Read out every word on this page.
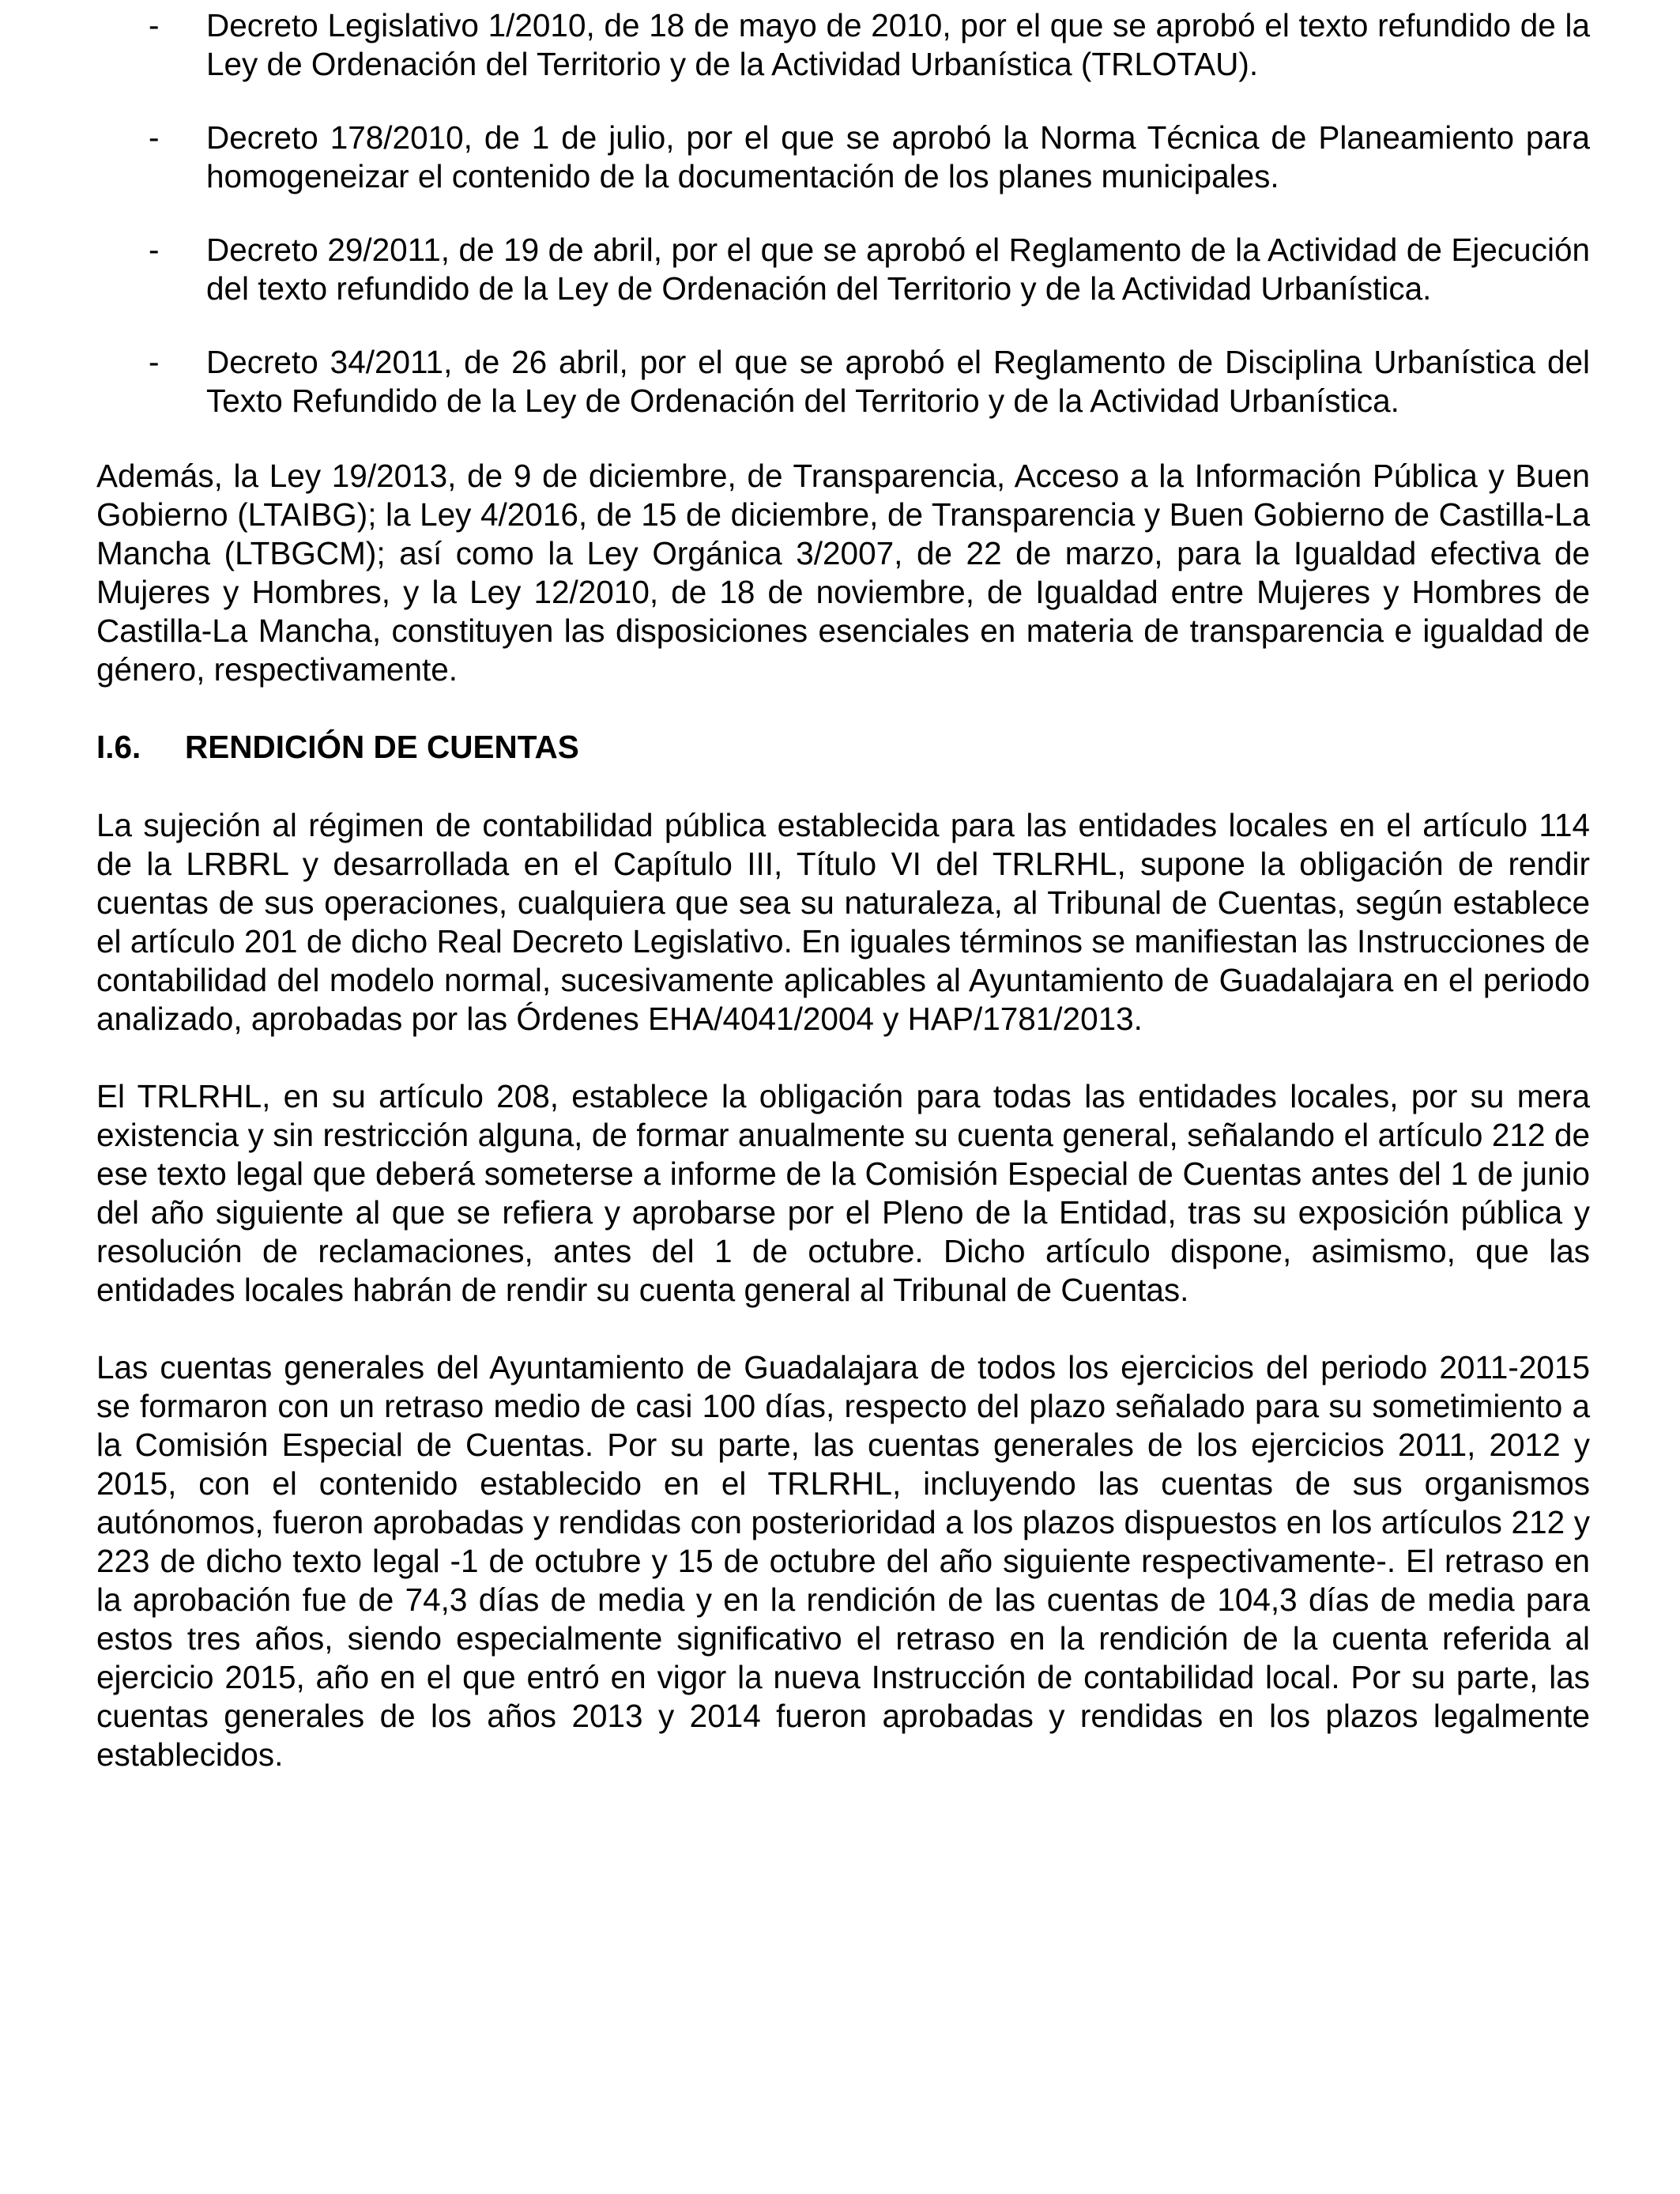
- Decreto Legislativo 1/2010, de 18 de mayo de 2010, por el que se aprobó el texto refundido de la Ley de Ordenación del Territorio y de la Actividad Urbanística (TRLOTAU).
- Decreto 178/2010, de 1 de julio, por el que se aprobó la Norma Técnica de Planeamiento para homogeneizar el contenido de la documentación de los planes municipales.
- Decreto 29/2011, de 19 de abril, por el que se aprobó el Reglamento de la Actividad de Ejecución del texto refundido de la Ley de Ordenación del Territorio y de la Actividad Urbanística.
- Decreto 34/2011, de 26 abril, por el que se aprobó el Reglamento de Disciplina Urbanística del Texto Refundido de la Ley de Ordenación del Territorio y de la Actividad Urbanística.

Además, la Ley 19/2013, de 9 de diciembre, de Transparencia, Acceso a la Información Pública y Buen Gobierno (LTAIBG); la Ley 4/2016, de 15 de diciembre, de Transparencia y Buen Gobierno de Castilla-La Mancha (LTBGCM); así como la Ley Orgánica 3/2007, de 22 de marzo, para la Igualdad efectiva de Mujeres y Hombres, y la Ley 12/2010, de 18 de noviembre, de Igualdad entre Mujeres y Hombres de Castilla-La Mancha, constituyen las disposiciones esenciales en materia de transparencia e igualdad de género, respectivamente.

I.6.	RENDICIÓN DE CUENTAS

La sujeción al régimen de contabilidad pública establecida para las entidades locales en el artículo 114 de la LRBRL y desarrollada en el Capítulo III, Título VI del TRLRHL, supone la obligación de rendir cuentas de sus operaciones, cualquiera que sea su naturaleza, al Tribunal de Cuentas, según establece el artículo 201 de dicho Real Decreto Legislativo. En iguales términos se manifiestan las Instrucciones de contabilidad del modelo normal, sucesivamente aplicables al Ayuntamiento de Guadalajara en el periodo analizado, aprobadas por las Órdenes EHA/4041/2004 y HAP/1781/2013.

El TRLRHL, en su artículo 208, establece la obligación para todas las entidades locales, por su mera existencia y sin restricción alguna, de formar anualmente su cuenta general, señalando el artículo 212 de ese texto legal que deberá someterse a informe de la Comisión Especial de Cuentas antes del 1 de junio del año siguiente al que se refiera y aprobarse por el Pleno de la Entidad, tras su exposición pública y resolución de reclamaciones, antes del 1 de octubre. Dicho artículo dispone, asimismo, que las entidades locales habrán de rendir su cuenta general al Tribunal de Cuentas.

Las cuentas generales del Ayuntamiento de Guadalajara de todos los ejercicios del periodo 2011-2015 se formaron con un retraso medio de casi 100 días, respecto del plazo señalado para su sometimiento a la Comisión Especial de Cuentas. Por su parte, las cuentas generales de los ejercicios 2011, 2012 y 2015, con el contenido establecido en el TRLRHL, incluyendo las cuentas de sus organismos autónomos, fueron aprobadas y rendidas con posterioridad a los plazos dispuestos en los artículos 212 y 223 de dicho texto legal -1 de octubre y 15 de octubre del año siguiente respectivamente-. El retraso en la aprobación fue de 74,3 días de media y en la rendición de las cuentas de 104,3 días de media para estos tres años, siendo especialmente significativo el retraso en la rendición de la cuenta referida al ejercicio 2015, año en el que entró en vigor la nueva Instrucción de contabilidad local. Por su parte, las cuentas generales de los años 2013 y 2014 fueron aprobadas y rendidas en los plazos legalmente establecidos.
